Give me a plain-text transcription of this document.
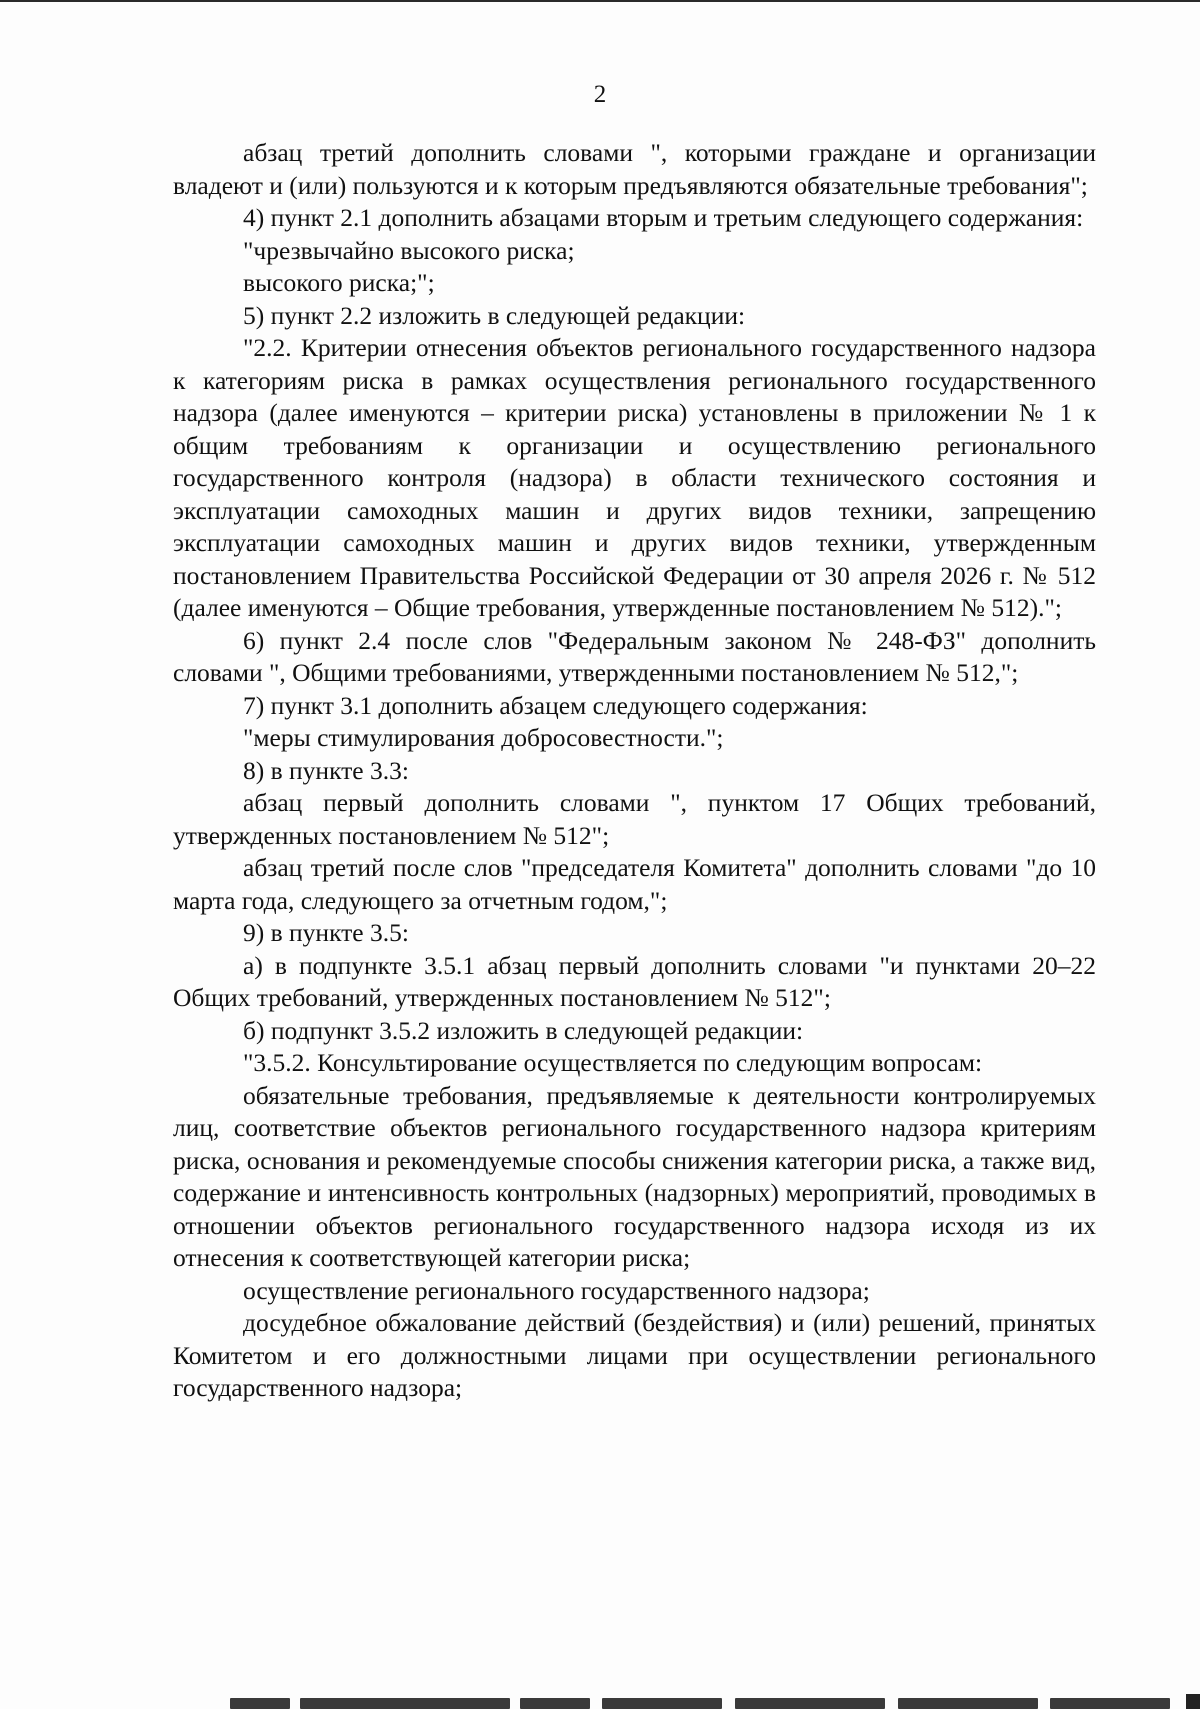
2

абзац третий дополнить словами ", которыми граждане и организации владеют и (или) пользуются и к которым предъявляются обязательные требования";

4) пункт 2.1 дополнить абзацами вторым и третьим следующего содержания:

"чрезвычайно высокого риска;

высокого риска;";

5) пункт 2.2 изложить в следующей редакции:

"2.2. Критерии отнесения объектов регионального государственного надзора к категориям риска в рамках осуществления регионального государственного надзора (далее именуются – критерии риска) установлены в приложении № 1 к общим требованиям к организации и осуществлению регионального государственного контроля (надзора) в области технического состояния и эксплуатации самоходных машин и других видов техники, запрещению эксплуатации самоходных машин и других видов техники, утвержденным постановлением Правительства Российской Федерации от 30 апреля 2026 г. № 512 (далее именуются – Общие требования, утвержденные постановлением № 512).";

6) пункт 2.4 после слов "Федеральным законом № 248-ФЗ" дополнить словами ", Общими требованиями, утвержденными постановлением № 512,";

7) пункт 3.1 дополнить абзацем следующего содержания:

"меры стимулирования добросовестности.";

8) в пункте 3.3:

абзац первый дополнить словами ", пунктом 17 Общих требований, утвержденных постановлением № 512";

абзац третий после слов "председателя Комитета" дополнить словами "до 10 марта года, следующего за отчетным годом,";

9) в пункте 3.5:

а) в подпункте 3.5.1 абзац первый дополнить словами "и пунктами 20–22 Общих требований, утвержденных постановлением № 512";

б) подпункт 3.5.2 изложить в следующей редакции:

"3.5.2. Консультирование осуществляется по следующим вопросам:

обязательные требования, предъявляемые к деятельности контролируемых лиц, соответствие объектов регионального государственного надзора критериям риска, основания и рекомендуемые способы снижения категории риска, а также вид, содержание и интенсивность контрольных (надзорных) мероприятий, проводимых в отношении объектов регионального государственного надзора исходя из их отнесения к соответствующей категории риска;

осуществление регионального государственного надзора;

досудебное обжалование действий (бездействия) и (или) решений, принятых Комитетом и его должностными лицами при осуществлении регионального государственного надзора;
